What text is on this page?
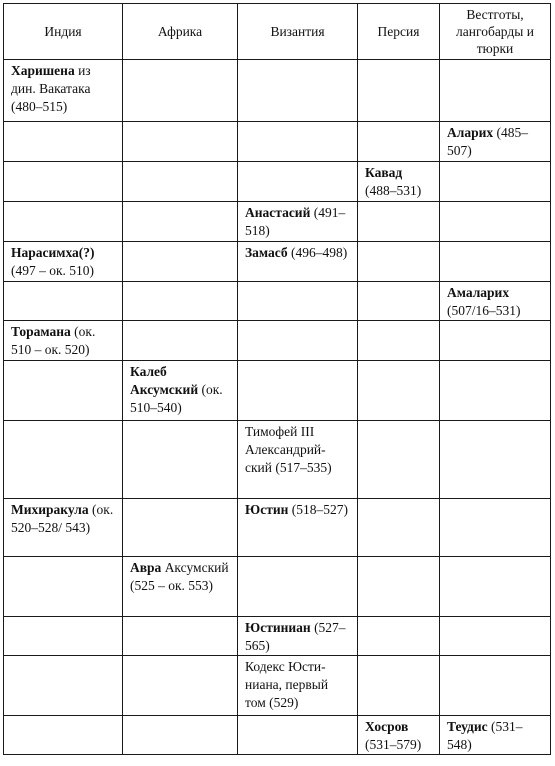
Индия	Африка	Византия	Персия	Вестготы, лангобарды и тюрки
Харишена из дин. Вакатака (480–515)				
				Аларих (485–507)
			Кавад (488–531)	
		Анастасий (491–518)		
Нарасимха(?) (497 – ок. 510)		Замасб (496–498)		
				Амаларих (507/16–531)
Торамана (ок. 510 – ок. 520)				
	Калеб Аксумский (ок. 510–540)			
		Тимофей III Александрий-ский (517–535)		
Михиракула (ок. 520–528/ 543)		Юстин (518–527)		
	Авра Аксумский (525 – ок. 553)			
		Юстиниан (527–565)		
		Кодекс Юсти-ниана, первый том (529)		
			Хосров (531–579)	Теудис (531–548)
